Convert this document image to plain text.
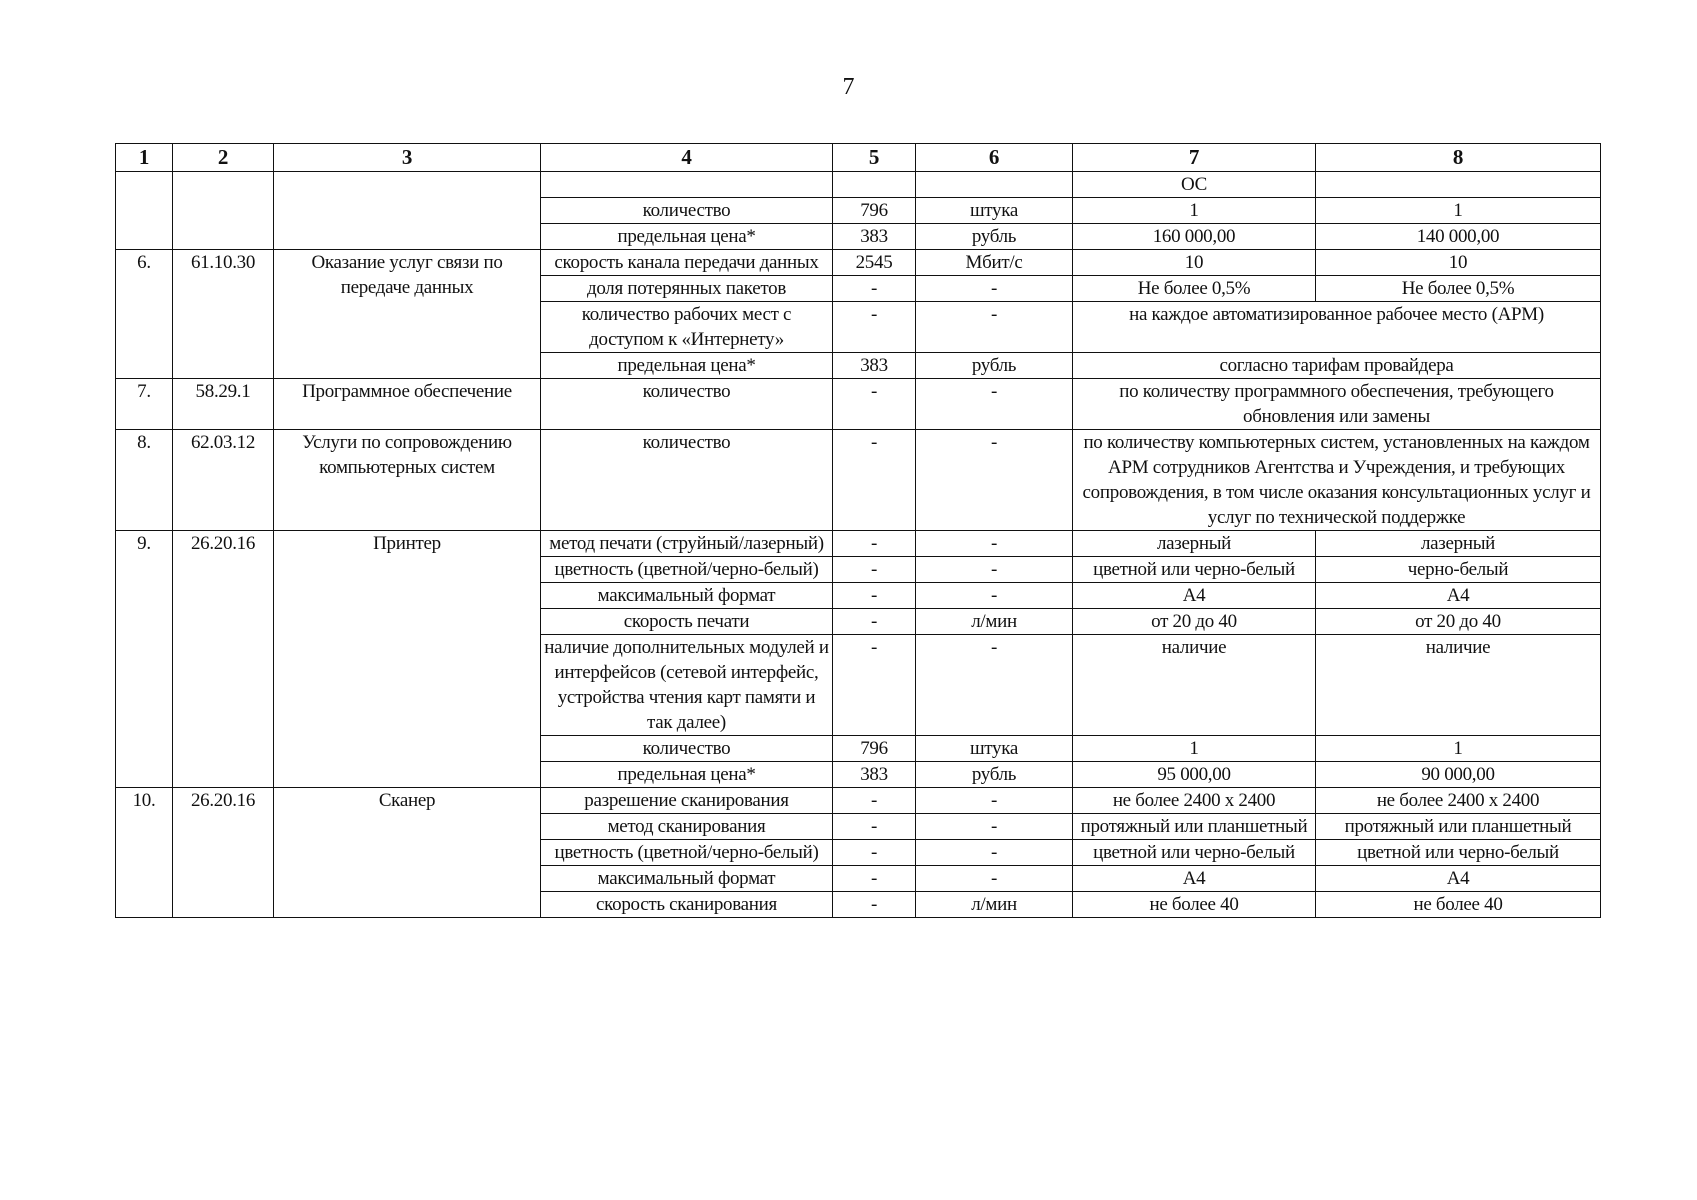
7
1	2	3	4	5	6	7	8
						ОС	
			количество	796	штука	1	1
			предельная цена*	383	рубль	160 000,00	140 000,00
6.	61.10.30	Оказание услуг связи по передаче данных	скорость канала передачи данных	2545	Мбит/с	10	10
			доля потерянных пакетов	-	-	Не более 0,5%	Не более 0,5%
			количество рабочих мест с доступом к «Интернету»	-	-	на каждое автоматизированное рабочее место (АРМ)	
			предельная цена*	383	рубль	согласно тарифам провайдера	
7.	58.29.1	Программное обеспечение	количество	-	-	по количеству программного обеспечения, требующего обновления или замены	
8.	62.03.12	Услуги по сопровождению компьютерных систем	количество	-	-	по количеству компьютерных систем, установленных на каждом АРМ сотрудников Агентства и Учреждения, и требующих сопровождения, в том числе оказания консультационных услуг и услуг по технической поддержке	
9.	26.20.16	Принтер	метод печати (струйный/лазерный)	-	-	лазерный	лазерный
			цветность (цветной/черно-белый)	-	-	цветной или черно-белый	черно-белый
			максимальный формат	-	-	А4	А4
			скорость печати	-	л/мин	от 20 до 40	от 20 до 40
			наличие дополнительных модулей и интерфейсов (сетевой интерфейс, устройства чтения карт памяти и так далее)	-	-	наличие	наличие
			количество	796	штука	1	1
			предельная цена*	383	рубль	95 000,00	90 000,00
10.	26.20.16	Сканер	разрешение сканирования	-	-	не более 2400 х 2400	не более 2400 х 2400
			метод сканирования	-	-	протяжный или планшетный	протяжный или планшетный
			цветность (цветной/черно-белый)	-	-	цветной или черно-белый	цветной или черно-белый
			максимальный формат	-	-	А4	А4
			скорость сканирования	-	л/мин	не более 40	не более 40
